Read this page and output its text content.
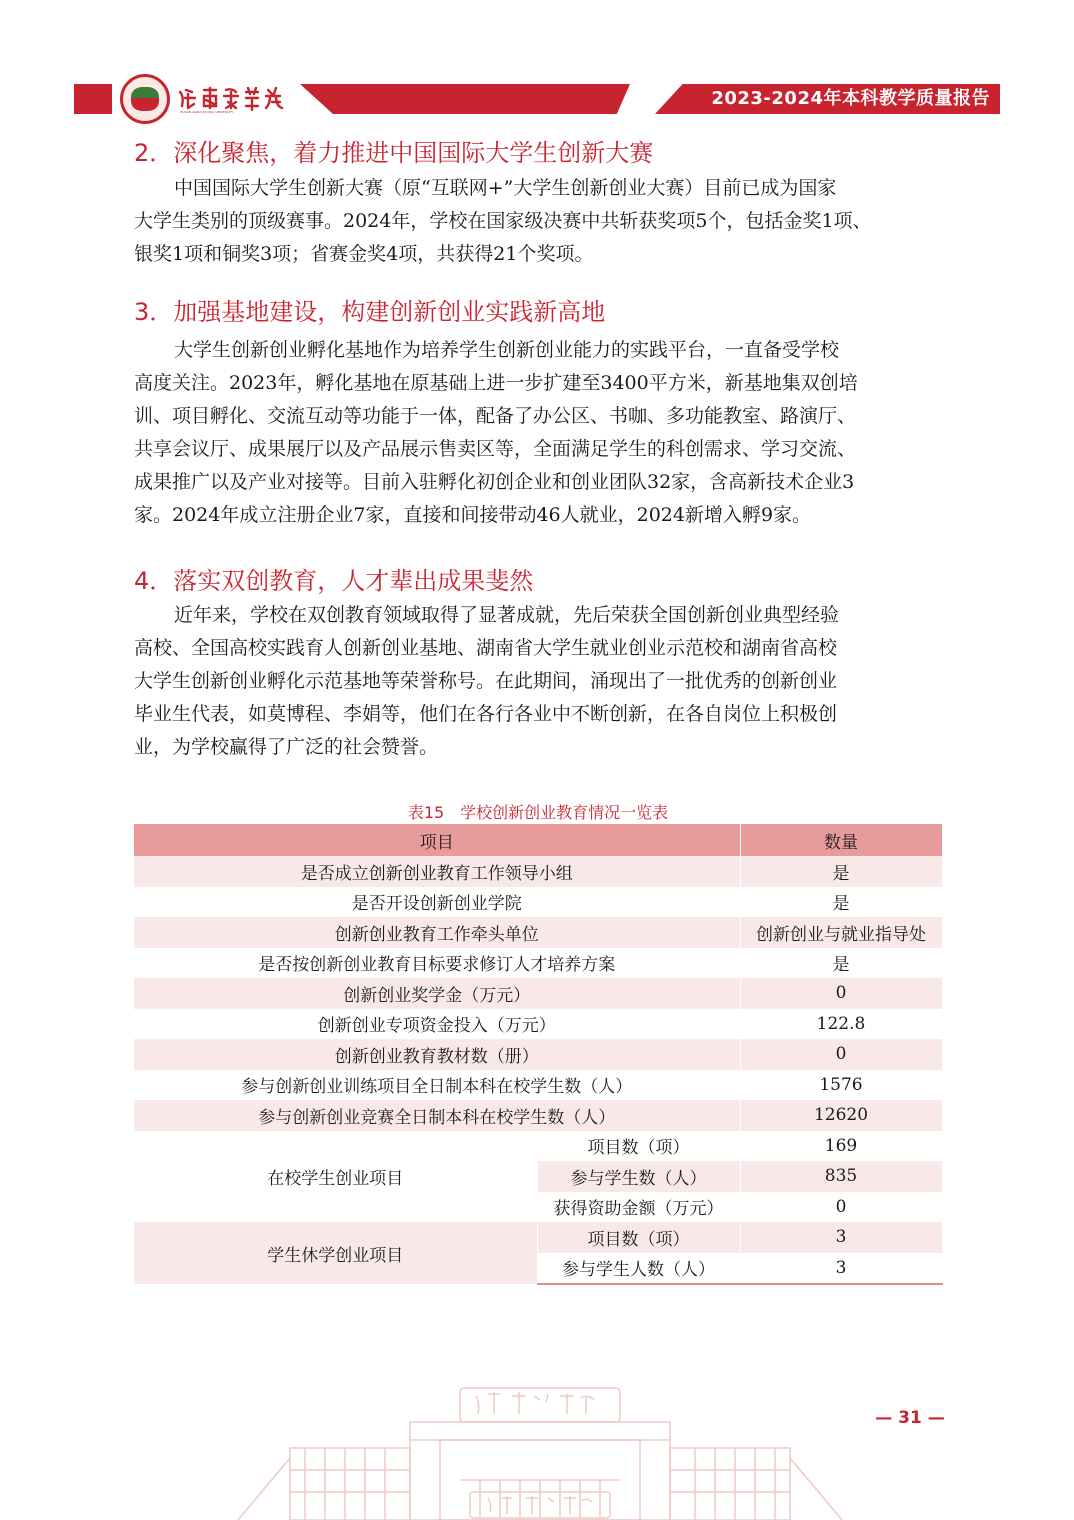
HUNAN AGRICULTURAL UNIVERSITY
2023-2024年本科教学质量报告
2．深化聚焦，着力推进中国国际大学生创新大赛
中国国际大学生创新大赛（原“互联网+”大学生创新创业大赛）目前已成为国家
大学生类别的顶级赛事。2024年，学校在国家级决赛中共斩获奖项5个，包括金奖1项、
银奖1项和铜奖3项；省赛金奖4项，共获得21个奖项。
3．加强基地建设，构建创新创业实践新高地
大学生创新创业孵化基地作为培养学生创新创业能力的实践平台，一直备受学校
高度关注。2023年，孵化基地在原基础上进一步扩建至3400平方米，新基地集双创培
训、项目孵化、交流互动等功能于一体，配备了办公区、书咖、多功能教室、路演厅、
共享会议厅、成果展厅以及产品展示售卖区等，全面满足学生的科创需求、学习交流、
成果推广以及产业对接等。目前入驻孵化初创企业和创业团队32家，含高新技术企业3
家。2024年成立注册企业7家，直接和间接带动46人就业，2024新增入孵9家。
4．落实双创教育，人才辈出成果斐然
近年来，学校在双创教育领域取得了显著成就，先后荣获全国创新创业典型经验
高校、全国高校实践育人创新创业基地、湖南省大学生就业创业示范校和湖南省高校
大学生创新创业孵化示范基地等荣誉称号。在此期间，涌现出了一批优秀的创新创业
毕业生代表，如莫博程、李娟等，他们在各行各业中不断创新，在各自岗位上积极创
业，为学校赢得了广泛的社会赞誉。
表15　学校创新创业教育情况一览表
项目		数量
是否成立创新创业教育工作领导小组		是
是否开设创新创业学院		是
创新创业教育工作牵头单位		创新创业与就业指导处
是否按创新创业教育目标要求修订人才培养方案		是
创新创业奖学金（万元）		0
创新创业专项资金投入（万元）		122.8
创新创业教育教材数（册）		0
参与创新创业训练项目全日制本科在校学生数（人）		1576
参与创新创业竞赛全日制本科在校学生数（人）		12620
在校学生创业项目	项目数（项）	169
	参与学生数（人）	835
	获得资助金额（万元）	0
学生休学创业项目	项目数（项）	3
	参与学生人数（人）	3
— 31 —
